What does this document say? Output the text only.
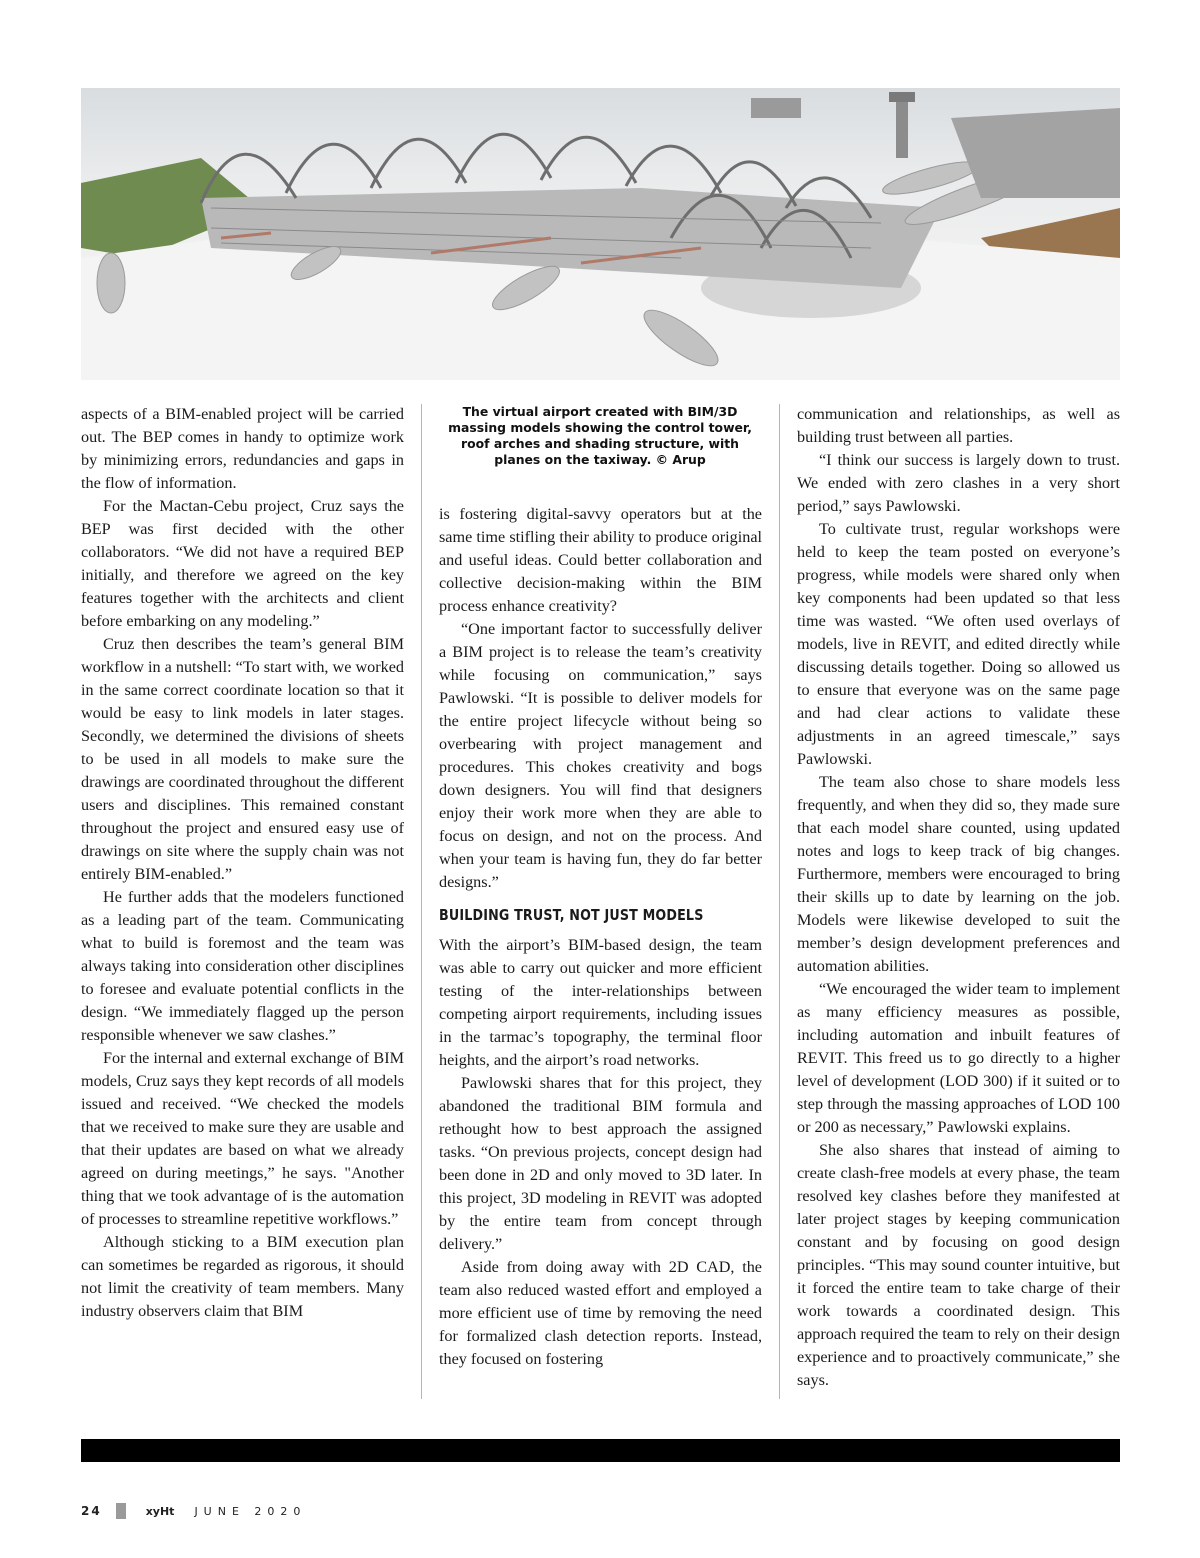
aspects of a BIM-enabled project will be carried out. The BEP comes in handy to optimize work by minimizing errors, redundancies and gaps in the flow of information.

For the Mactan-Cebu project, Cruz says the BEP was first decided with the other collaborators. “We did not have a required BEP initially, and therefore we agreed on the key features together with the architects and client before embarking on any modeling.”

Cruz then describes the team’s general BIM workflow in a nutshell: “To start with, we worked in the same correct coordinate location so that it would be easy to link models in later stages. Secondly, we determined the divisions of sheets to be used in all models to make sure the drawings are coordinated throughout the different users and disciplines. This remained constant throughout the project and ensured easy use of drawings on site where the supply chain was not entirely BIM-enabled.”

He further adds that the modelers functioned as a leading part of the team. Communicating what to build is foremost and the team was always taking into consideration other disciplines to foresee and evaluate potential conflicts in the design. “We immediately flagged up the person responsible whenever we saw clashes.”

For the internal and external exchange of BIM models, Cruz says they kept records of all models issued and received. “We checked the models that we received to make sure they are usable and that their updates are based on what we already agreed on during meetings,” he says. "Another thing that we took advantage of is the automation of processes to streamline repetitive workflows.”

Although sticking to a BIM execution plan can sometimes be regarded as rigorous, it should not limit the creativity of team members. Many industry observers claim that BIM

The virtual airport created with BIM/3D massing models showing the control tower, roof arches and shading structure, with planes on the taxiway. © Arup

is fostering digital-savvy operators but at the same time stifling their ability to produce original and useful ideas. Could better collaboration and collective decision-making within the BIM process enhance creativity?

“One important factor to successfully deliver a BIM project is to release the team’s creativity while focusing on communication,” says Pawlowski. “It is possible to deliver models for the entire project lifecycle without being so overbearing with project management and procedures. This chokes creativity and bogs down designers. You will find that designers enjoy their work more when they are able to focus on design, and not on the process. And when your team is having fun, they do far better designs.”

BUILDING TRUST, NOT JUST MODELS

With the airport’s BIM-based design, the team was able to carry out quicker and more efficient testing of the inter-relationships between competing airport requirements, including issues in the tarmac’s topography, the terminal floor heights, and the airport’s road networks.

Pawlowski shares that for this project, they abandoned the traditional BIM formula and rethought how to best approach the assigned tasks. “On previous projects, concept design had been done in 2D and only moved to 3D later. In this project, 3D modeling in REVIT was adopted by the entire team from concept through delivery.”

Aside from doing away with 2D CAD, the team also reduced wasted effort and employed a more efficient use of time by removing the need for formalized clash detection reports. Instead, they focused on fostering

communication and relationships, as well as building trust between all parties.

“I think our success is largely down to trust. We ended with zero clashes in a very short period,” says Pawlowski.

To cultivate trust, regular workshops were held to keep the team posted on everyone’s progress, while models were shared only when key components had been updated so that less time was wasted. “We often used overlays of models, live in REVIT, and edited directly while discussing details together. Doing so allowed us to ensure that everyone was on the same page and had clear actions to validate these adjustments in an agreed timescale,” says Pawlowski.

The team also chose to share models less frequently, and when they did so, they made sure that each model share counted, using updated notes and logs to keep track of big changes. Furthermore, members were encouraged to bring their skills up to date by learning on the job. Models were likewise developed to suit the member’s design development preferences and automation abilities.

“We encouraged the wider team to implement as many efficiency measures as possible, including automation and inbuilt features of REVIT. This freed us to go directly to a higher level of development (LOD 300) if it suited or to step through the massing approaches of LOD 100 or 200 as necessary,” Pawlowski explains.

She also shares that instead of aiming to create clash-free models at every phase, the team resolved key clashes before they manifested at later project stages by keeping communication constant and by focusing on good design principles. “This may sound counter intuitive, but it forced the entire team to take charge of their work towards a coordinated design. This approach required the team to rely on their design experience and to proactively communicate,” she says.

24	xyHt JUNE 2020
